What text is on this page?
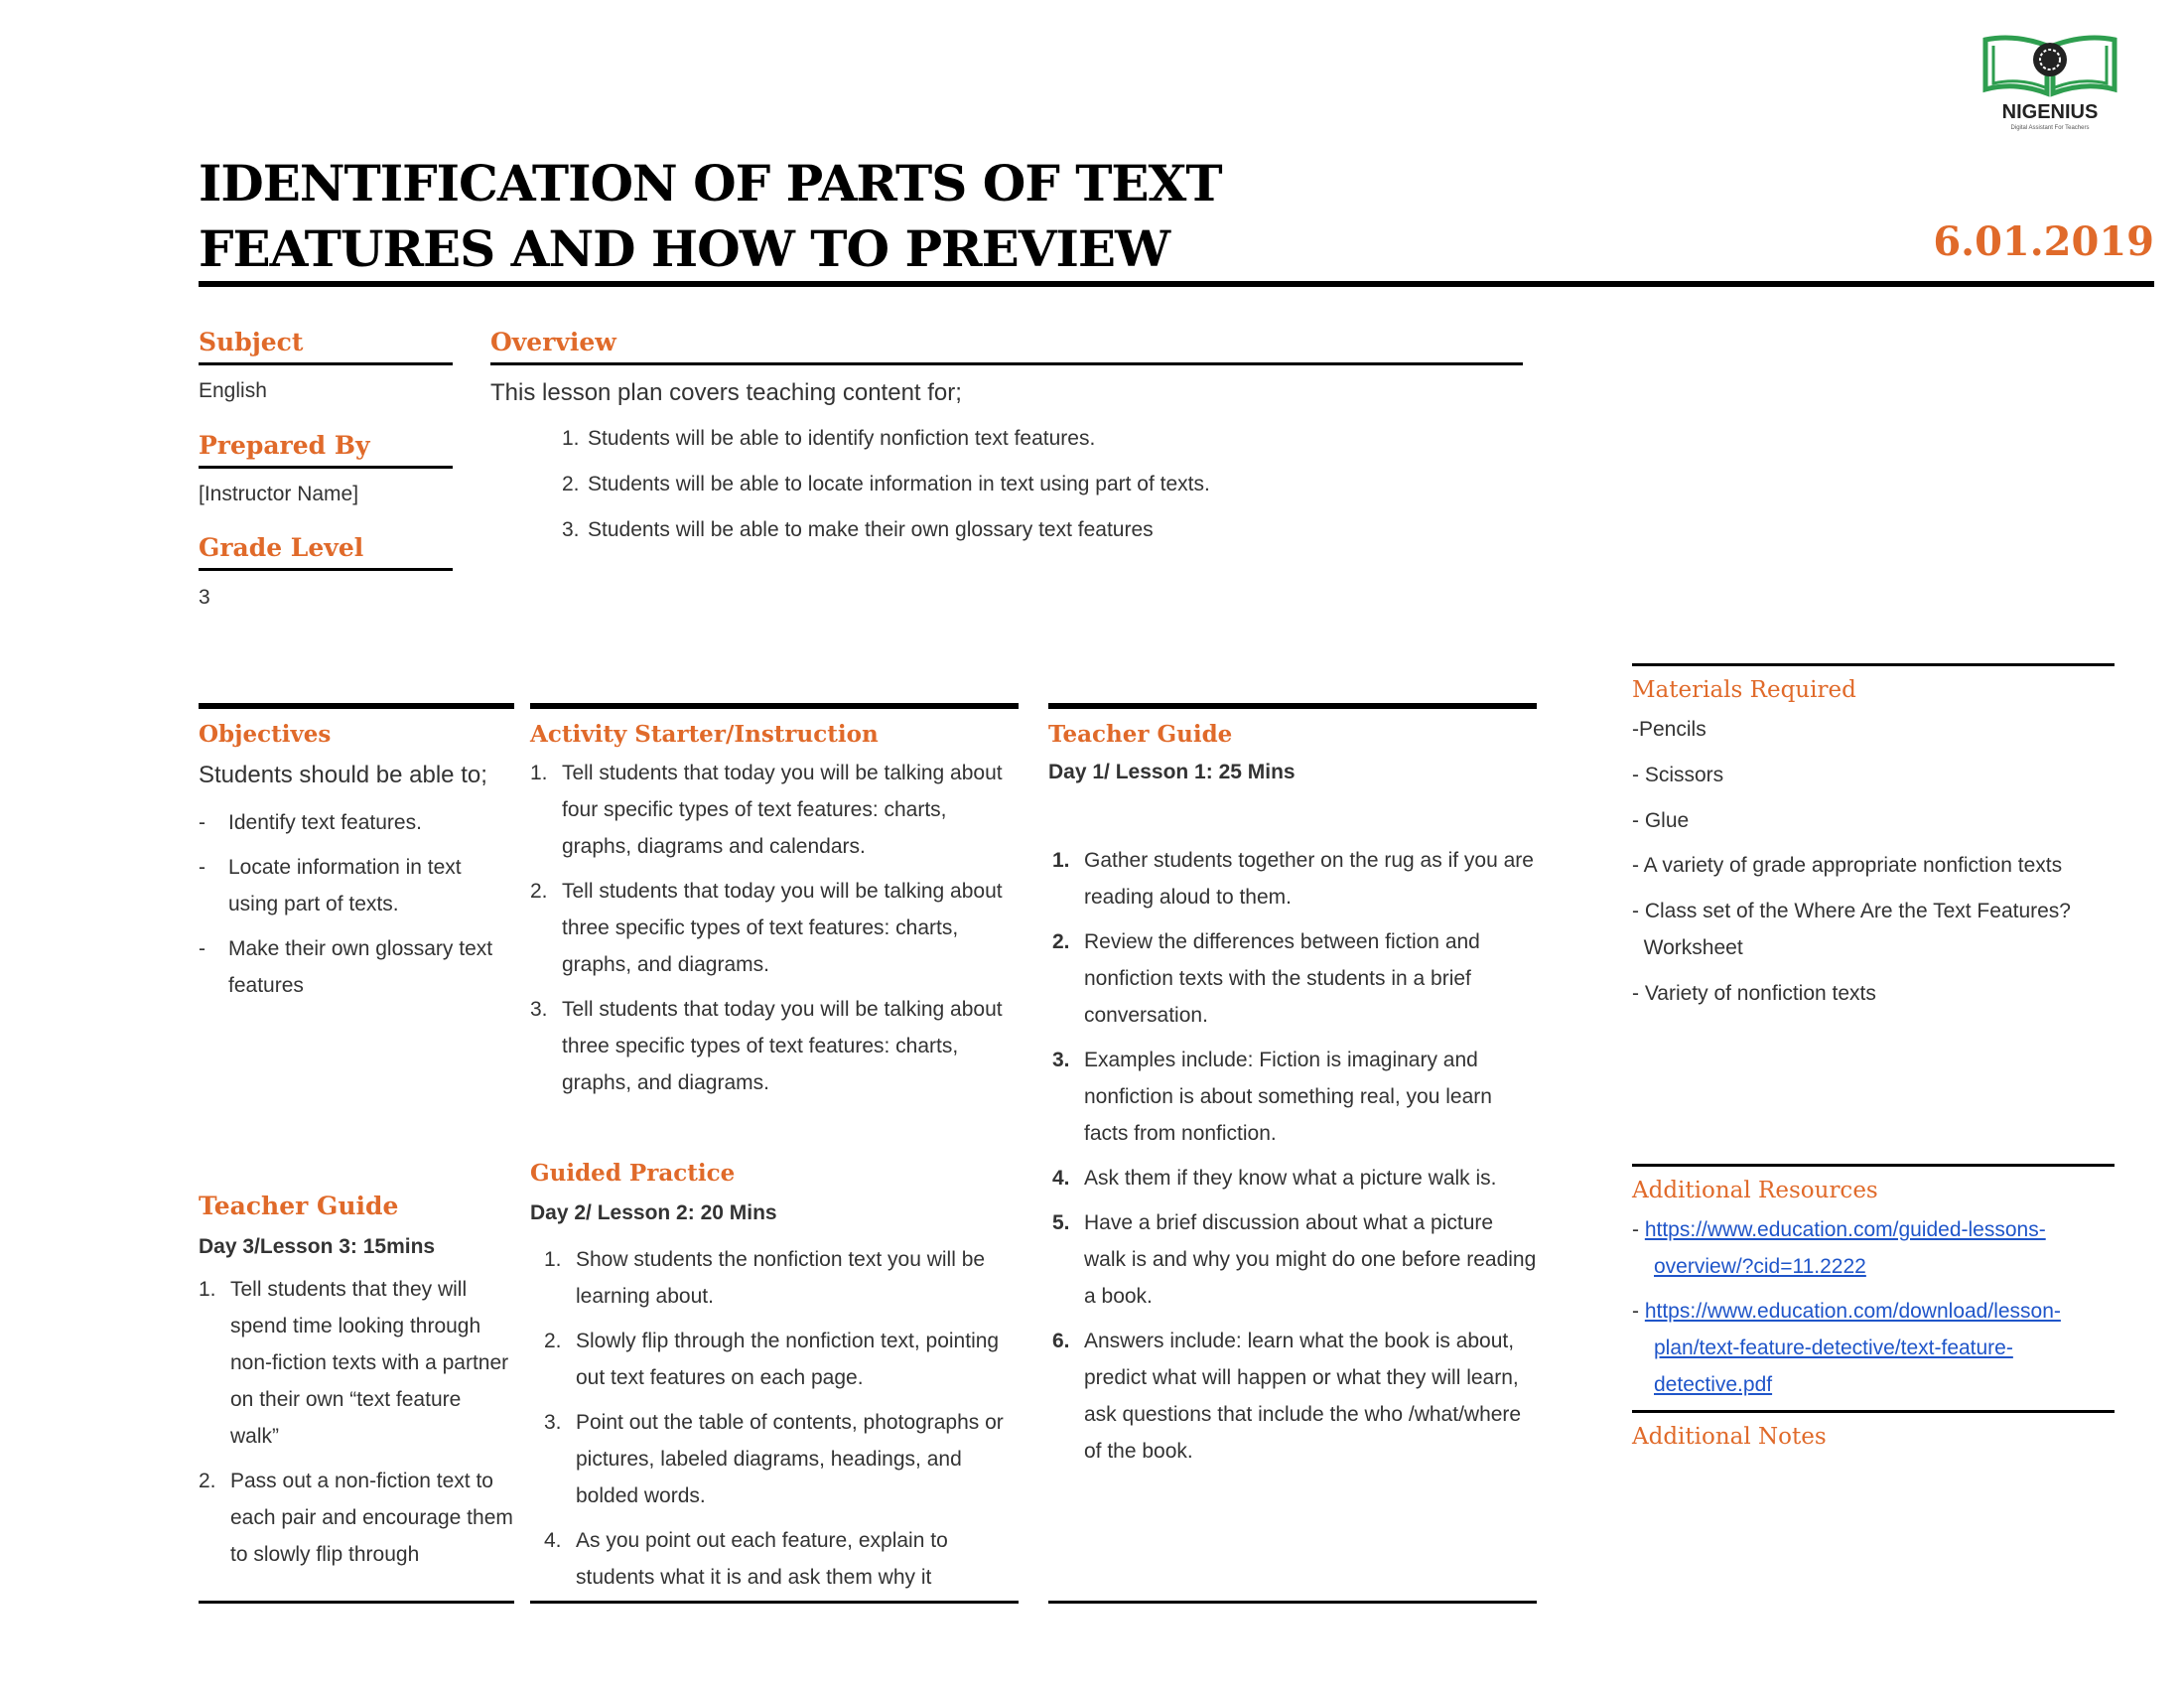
NIGENIUS
Digital Assistant For Teachers
IDENTIFICATION OF PARTS OF TEXT
FEATURES AND HOW TO PREVIEW	6.01.2019
Subject
English
Prepared By
[Instructor Name]
Grade Level
3
Overview
This lesson plan covers teaching content for;
1. Students will be able to identify nonfiction text features.
2. Students will be able to locate information in text using part of texts.
3. Students will be able to make their own glossary text features
Objectives
Students should be able to;
- Identify text features.
- Locate information in text using part of texts.
- Make their own glossary text features
Teacher Guide
Day 3/Lesson 3: 15mins
1. Tell students that they will spend time looking through non-fiction texts with a partner on their own “text feature walk”
2. Pass out a non-fiction text to each pair and encourage them to slowly flip through
Activity Starter/Instruction
1. Tell students that today you will be talking about four specific types of text features: charts, graphs, diagrams and calendars.
2. Tell students that today you will be talking about three specific types of text features: charts, graphs, and diagrams.
3. Tell students that today you will be talking about three specific types of text features: charts, graphs, and diagrams.
Guided Practice
Day 2/ Lesson 2: 20 Mins
1. Show students the nonfiction text you will be learning about.
2. Slowly flip through the nonfiction text, pointing out text features on each page.
3. Point out the table of contents, photographs or pictures, labeled diagrams, headings, and bolded words.
4. As you point out each feature, explain to students what it is and ask them why it
Teacher Guide
Day 1/ Lesson 1: 25 Mins
1. Gather students together on the rug as if you are reading aloud to them.
2. Review the differences between fiction and nonfiction texts with the students in a brief conversation.
3. Examples include: Fiction is imaginary and nonfiction is about something real, you learn facts from nonfiction.
4. Ask them if they know what a picture walk is.
5. Have a brief discussion about what a picture walk is and why you might do one before reading a book.
6. Answers include: learn what the book is about, predict what will happen or what they will learn, ask questions that include the who /what/where of the book.
Materials Required
-Pencils
- Scissors
- Glue
- A variety of grade appropriate nonfiction texts
- Class set of the Where Are the Text Features?
Worksheet
- Variety of nonfiction texts
Additional Resources
- https://www.education.com/guided-lessons-
overview/?cid=11.2222
- https://www.education.com/download/lesson-
plan/text-feature-detective/text-feature-
detective.pdf
Additional Notes
